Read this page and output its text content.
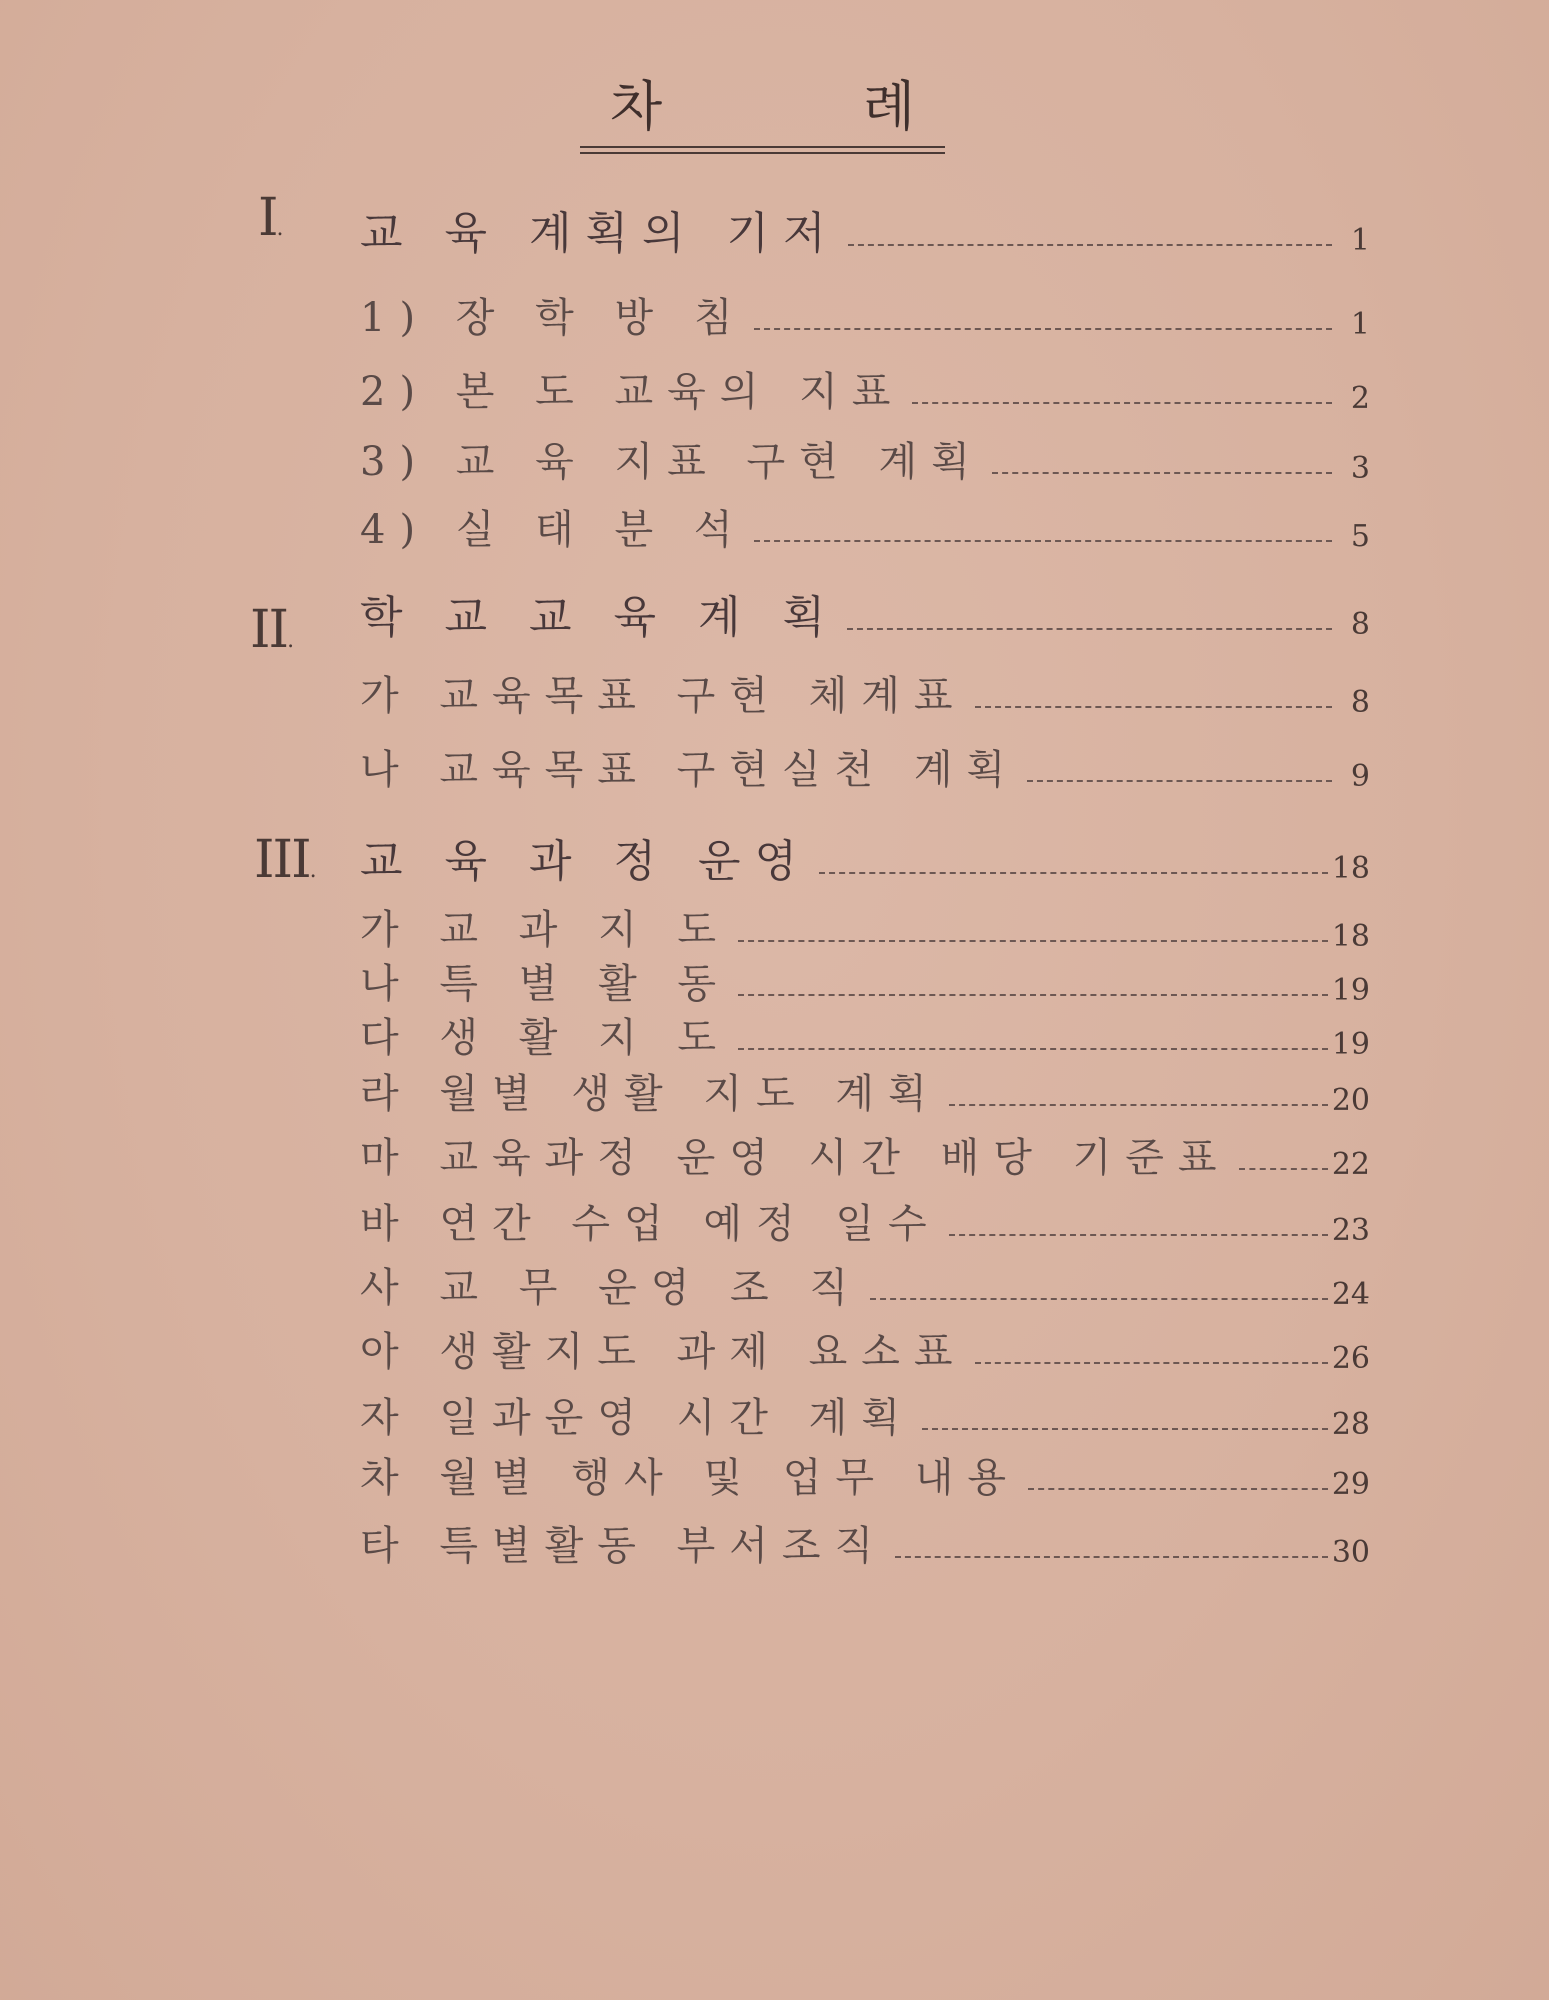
차	례
I. 교 육 계획의 기저	1
1) 장 학 방 침	1
2) 본 도 교육의 지표	2
3) 교 육 지표 구현 계획	3
4) 실 태 분 석	5
II. 학 교 교 육 계 획	8
가 교육목표 구현 체계표	8
나 교육목표 구현실천 계획	9
III. 교 육 과 정 운영	18
가 교 과 지 도	18
나 특 별 활 동	19
다 생 활 지 도	19
라 월별 생활 지도 계획	20
마 교육과정 운영 시간 배당 기준표	22
바 연간 수업 예정 일수	23
사 교 무 운영 조 직	24
아 생활지도 과제 요소표	26
자 일과운영 시간 계획	28
차 월별 행사 및 업무 내용	29
타 특별활동 부서조직	30
